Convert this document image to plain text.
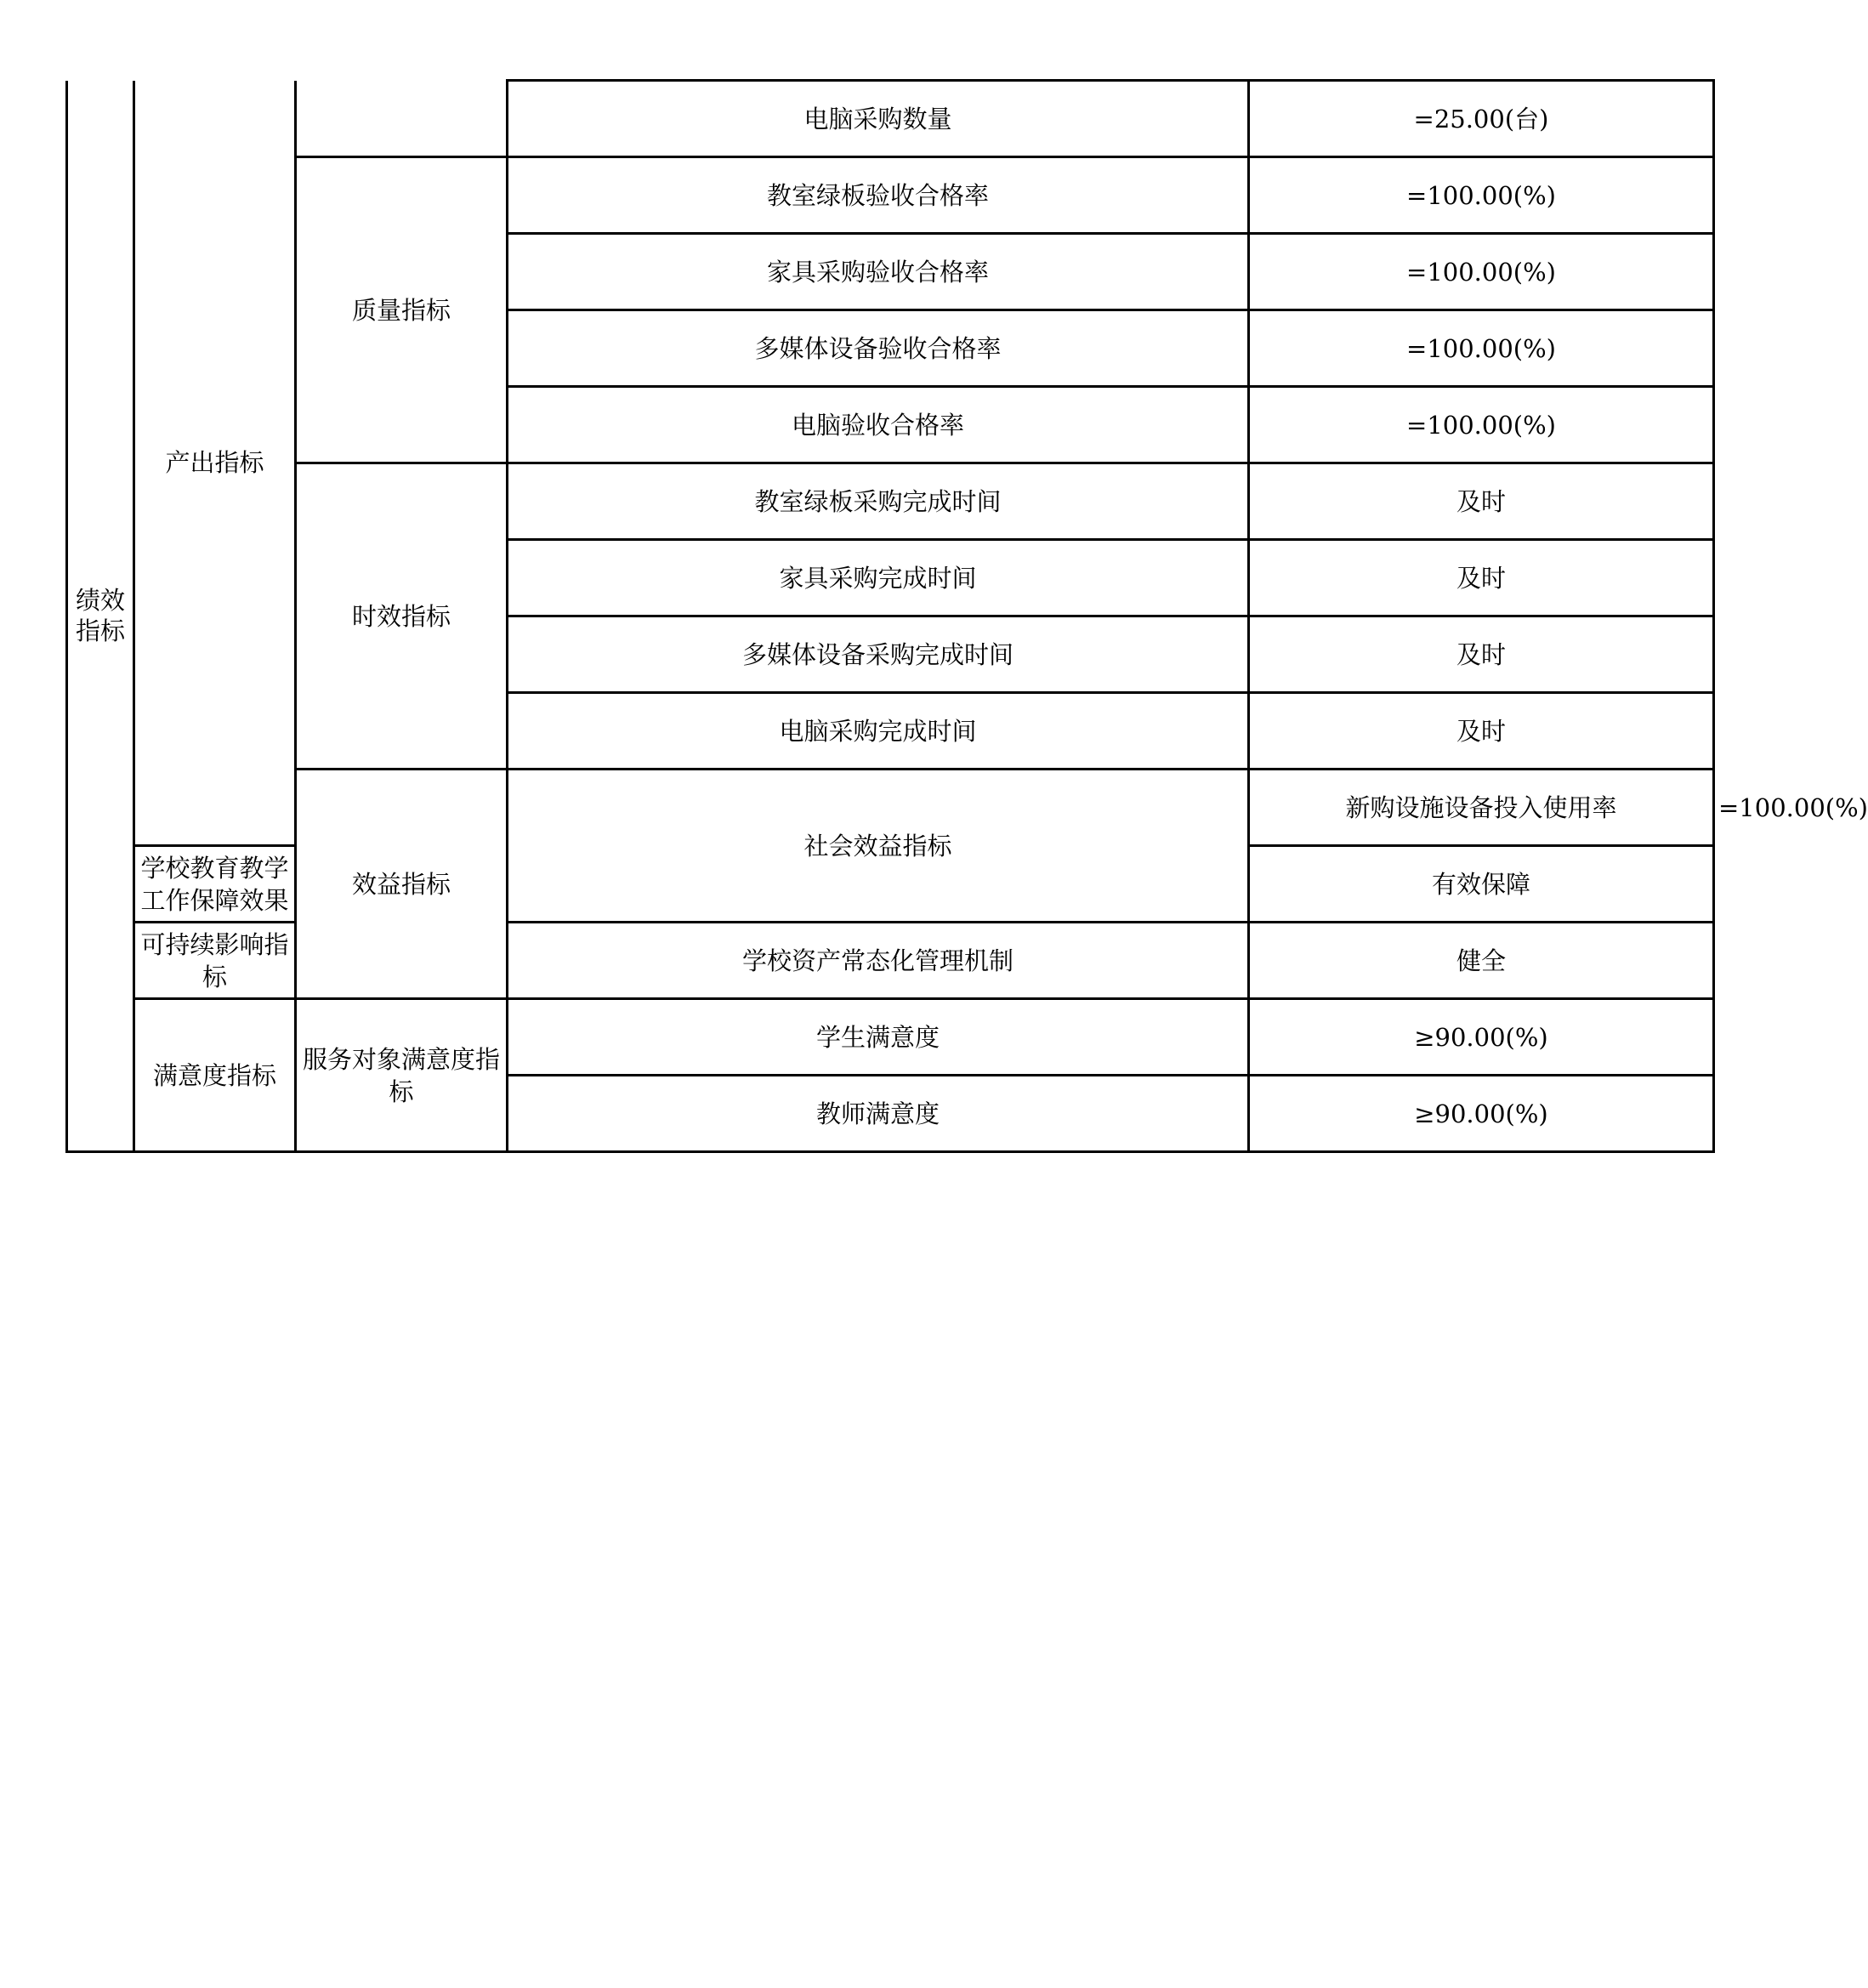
绩效指标	产出指标		电脑采购数量	=25.00(台)	
		质量指标	教室绿板验收合格率	=100.00(%)	
			家具采购验收合格率	=100.00(%)	
			多媒体设备验收合格率	=100.00(%)	
			电脑验收合格率	=100.00(%)	
		时效指标	教室绿板采购完成时间	及时	
			家具采购完成时间	及时	
			多媒体设备采购完成时间	及时	
			电脑采购完成时间	及时	
		效益指标	社会效益指标	新购设施设备投入使用率	=100.00(%)
	学校教育教学工作保障效果			有效保障	
	可持续影响指标		学校资产常态化管理机制	健全	
	满意度指标	服务对象满意度指标	学生满意度	≥90.00(%)	
			教师满意度	≥90.00(%)	
